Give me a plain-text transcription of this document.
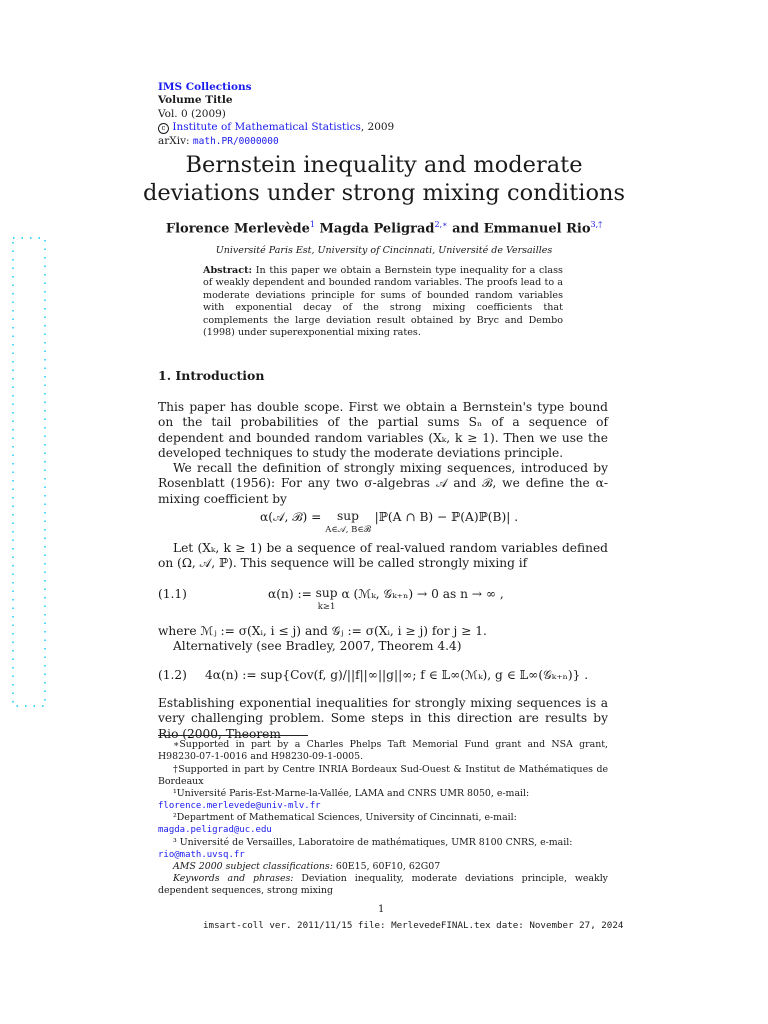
IMS Collections
Volume Title
Vol. 0 (2009)
c Institute of Mathematical Statistics, 2009
arXiv: math.PR/0000000
Bernstein inequality and moderate
deviations under strong mixing conditions
Florence Merlevède$^1$ Magda Peligrad$^{2,∗}$ and Emmanuel Rio$^{3,\dagger}$
Université Paris Est, University of Cincinnati, Université de Versailles
Abstract: In this paper we obtain a Bernstein type inequality for a class of weakly dependent and bounded random variables. The proofs lead to a moderate deviations principle for sums of bounded random variables with exponential decay of the strong mixing coefficients that complements the large deviation result obtained by Bryc and Dembo (1998) under superexponential mixing rates.
1. Introduction
This paper has double scope. First we obtain a Bernstein's type bound on the tail probabilities of the partial sums Sₙ of a sequence of dependent and bounded random variables (Xₖ, k ≥ 1). Then we use the developed techniques to study the moderate deviations principle.
We recall the definition of strongly mixing sequences, introduced by Rosenblatt (1956): For any two σ-algebras 𝒜 and ℬ, we define the α-mixing coefficient by
α(𝒜, ℬ) = sup
A∈𝒜, B∈ℬ |ℙ(A ∩ B) − ℙ(A)ℙ(B)| .
Let (Xₖ, k ≥ 1) be a sequence of real-valued random variables defined on (Ω, 𝒜, ℙ). This sequence will be called strongly mixing if
(1.1)	α(n) := sup
k≥1 α (ℳₖ, 𝒢ₖ₊ₙ) → 0 as n → ∞ ,
where ℳⱼ := σ(Xᵢ, i ≤ j) and 𝒢ⱼ := σ(Xᵢ, i ≥ j) for j ≥ 1.
Alternatively (see Bradley, 2007, Theorem 4.4)
(1.2) 4α(n) := sup{Cov(f, g)/||f||∞||g||∞; f ∈ 𝕃∞(ℳₖ), g ∈ 𝕃∞(𝒢ₖ₊ₙ)} .
Establishing exponential inequalities for strongly mixing sequences is a very challenging problem. Some steps in this direction are results by Rio (2000, Theorem
∗Supported in part by a Charles Phelps Taft Memorial Fund grant and NSA grant, H98230-07-1-0016 and H98230-09-1-0005.
†Supported in part by Centre INRIA Bordeaux Sud-Ouest & Institut de Mathématiques de Bordeaux
¹Université Paris-Est-Marne-la-Vallée, LAMA and CNRS UMR 8050, e-mail:
florence.merlevede@univ-mlv.fr
²Department of Mathematical Sciences, University of Cincinnati, e-mail:
magda.peligrad@uc.edu
³ Université de Versailles, Laboratoire de mathématiques, UMR 8100 CNRS, e-mail:
rio@math.uvsq.fr
AMS 2000 subject classifications: 60E15, 60F10, 62G07
Keywords and phrases: Deviation inequality, moderate deviations principle, weakly dependent sequences, strong mixing
1
imsart-coll ver. 2011/11/15 file: MerlevedeFINAL.tex date: November 27, 2024
